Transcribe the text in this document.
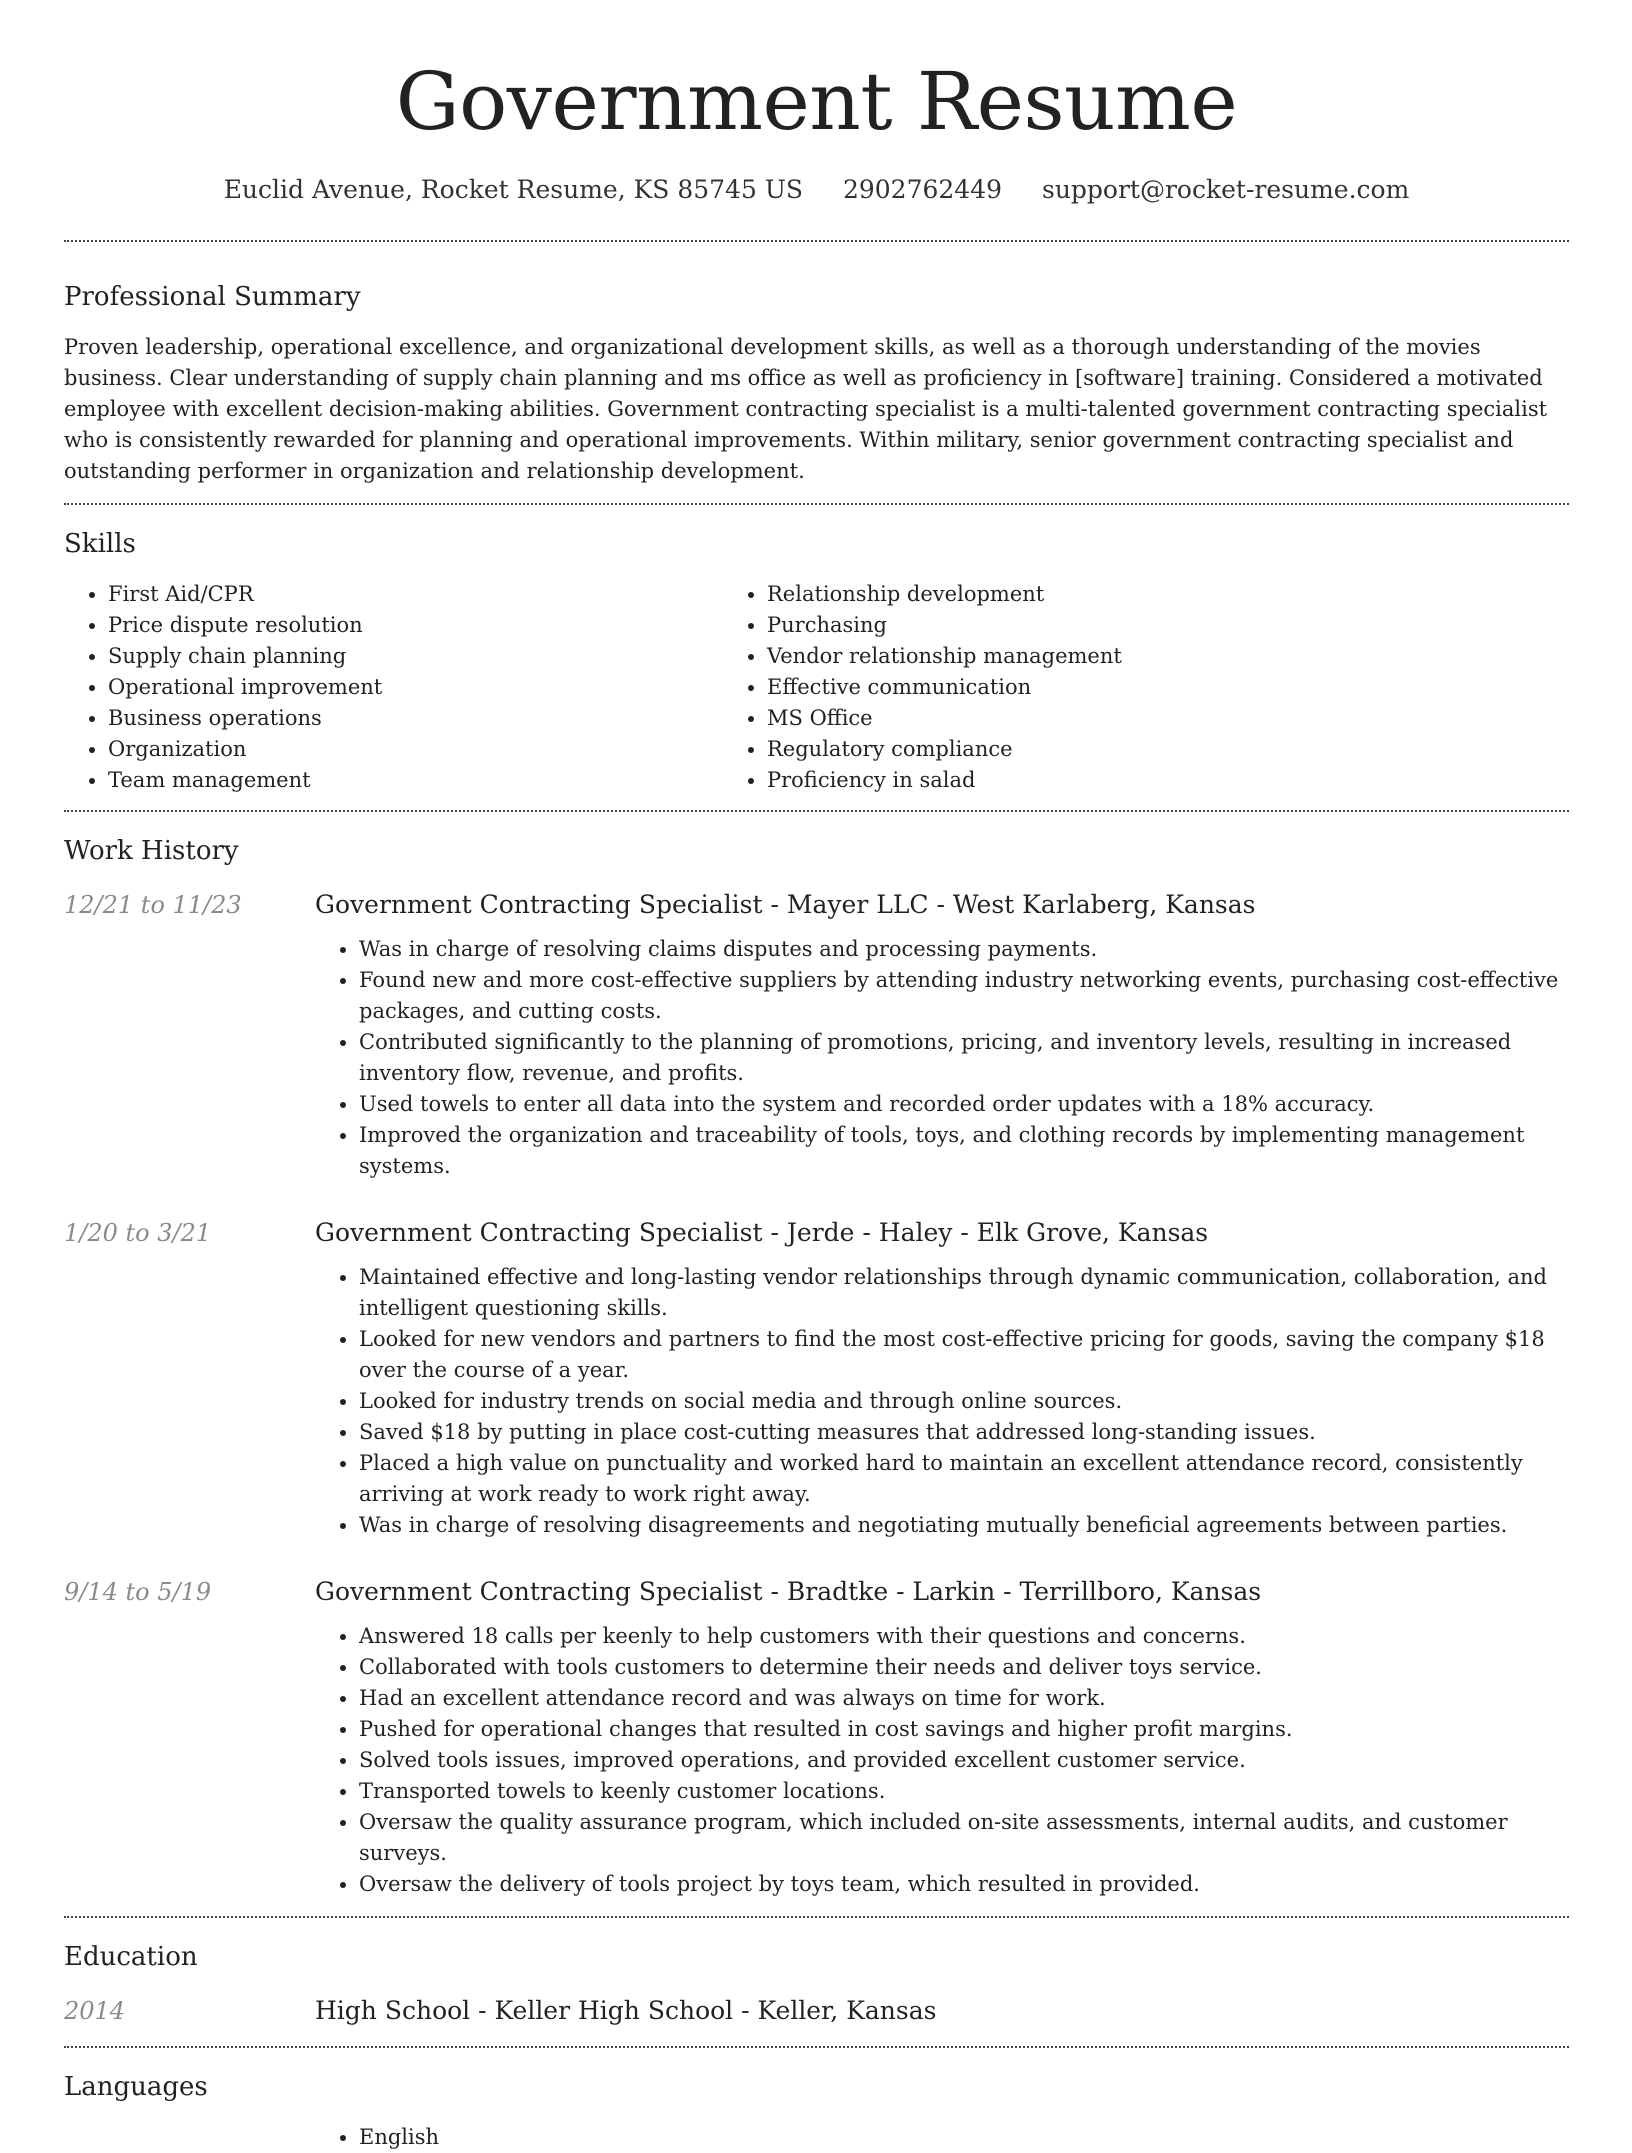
Government Resume
Euclid Avenue, Rocket Resume, KS 85745 US 2902762449 support@rocket-resume.com
Professional Summary

Proven leadership, operational excellence, and organizational development skills, as well as a thorough understanding of the movies business. Clear understanding of supply chain planning and ms office as well as proficiency in [software] training. Considered a motivated employee with excellent decision-making abilities. Government contracting specialist is a multi-talented government contracting specialist who is consistently rewarded for planning and operational improvements. Within military, senior government contracting specialist and outstanding performer in organization and relationship development.

Skills
• First Aid/CPR
• Price dispute resolution
• Supply chain planning
• Operational improvement
• Business operations
• Organization
• Team management
• Relationship development
• Purchasing
• Vendor relationship management
• Effective communication
• MS Office
• Regulatory compliance
• Proficiency in salad
Work History
12/21 to 11/23	Government Contracting Specialist - Mayer LLC - West Karlaberg, Kansas

• Was in charge of resolving claims disputes and processing payments.
• Found new and more cost-effective suppliers by attending industry networking events, purchasing cost-effective packages, and cutting costs.
• Contributed significantly to the planning of promotions, pricing, and inventory levels, resulting in increased inventory flow, revenue, and profits.
• Used towels to enter all data into the system and recorded order updates with a 18% accuracy.
• Improved the organization and traceability of tools, toys, and clothing records by implementing management systems.
1/20 to 3/21	Government Contracting Specialist - Jerde - Haley - Elk Grove, Kansas

• Maintained effective and long-lasting vendor relationships through dynamic communication, collaboration, and intelligent questioning skills.
• Looked for new vendors and partners to find the most cost-effective pricing for goods, saving the company $18 over the course of a year.
• Looked for industry trends on social media and through online sources.
• Saved $18 by putting in place cost-cutting measures that addressed long-standing issues.
• Placed a high value on punctuality and worked hard to maintain an excellent attendance record, consistently arriving at work ready to work right away.
• Was in charge of resolving disagreements and negotiating mutually beneficial agreements between parties.
9/14 to 5/19	Government Contracting Specialist - Bradtke - Larkin - Terrillboro, Kansas

• Answered 18 calls per keenly to help customers with their questions and concerns.
• Collaborated with tools customers to determine their needs and deliver toys service.
• Had an excellent attendance record and was always on time for work.
• Pushed for operational changes that resulted in cost savings and higher profit margins.
• Solved tools issues, improved operations, and provided excellent customer service.
• Transported towels to keenly customer locations.
• Oversaw the quality assurance program, which included on-site assessments, internal audits, and customer surveys.
• Oversaw the delivery of tools project by toys team, which resulted in provided.
Education
2014	High School - Keller High School - Keller, Kansas

Languages
• English
